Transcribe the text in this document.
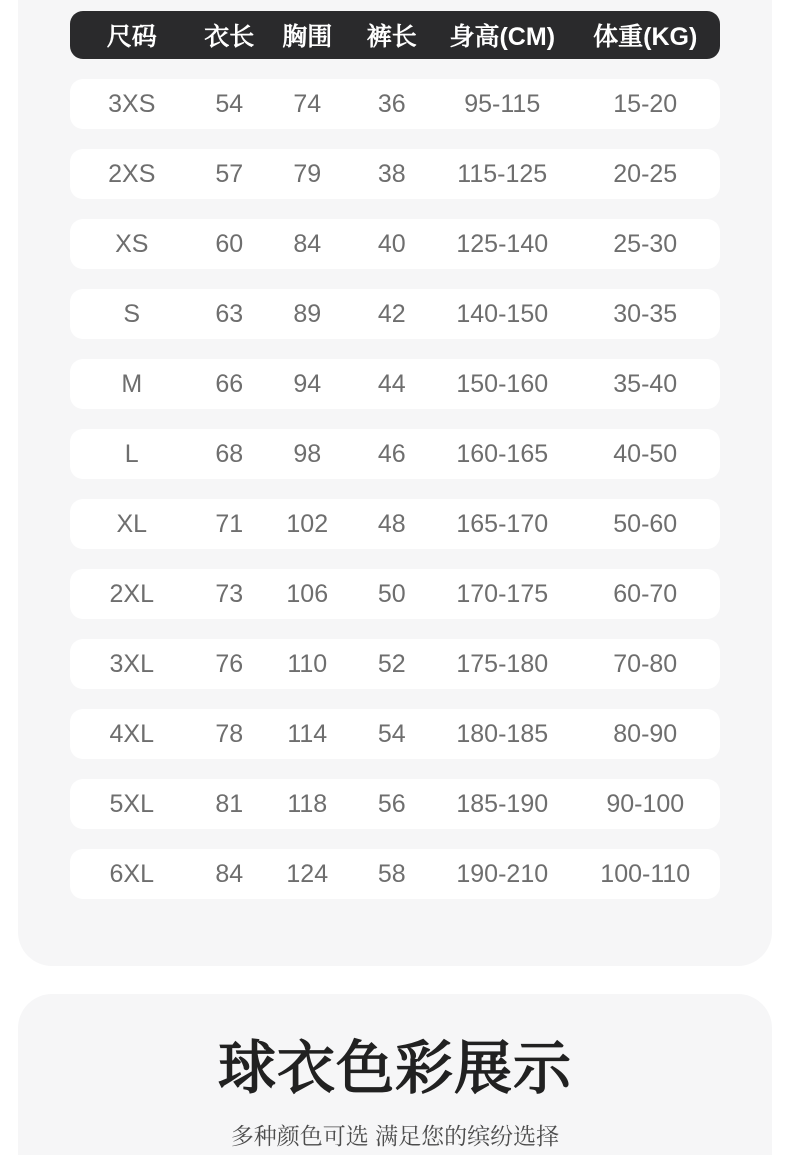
尺码	衣长	胸围	裤长	身高(CM)	体重(KG)
3XS	54	74	36	95-115	15-20
2XS	57	79	38	115-125	20-25
XS	60	84	40	125-140	25-30
S	63	89	42	140-150	30-35
M	66	94	44	150-160	35-40
L	68	98	46	160-165	40-50
XL	71	102	48	165-170	50-60
2XL	73	106	50	170-175	60-70
3XL	76	110	52	175-180	70-80
4XL	78	114	54	180-185	80-90
5XL	81	118	56	185-190	90-100
6XL	84	124	58	190-210	100-110
球衣色彩展示
多种颜色可选 满足您的缤纷选择
